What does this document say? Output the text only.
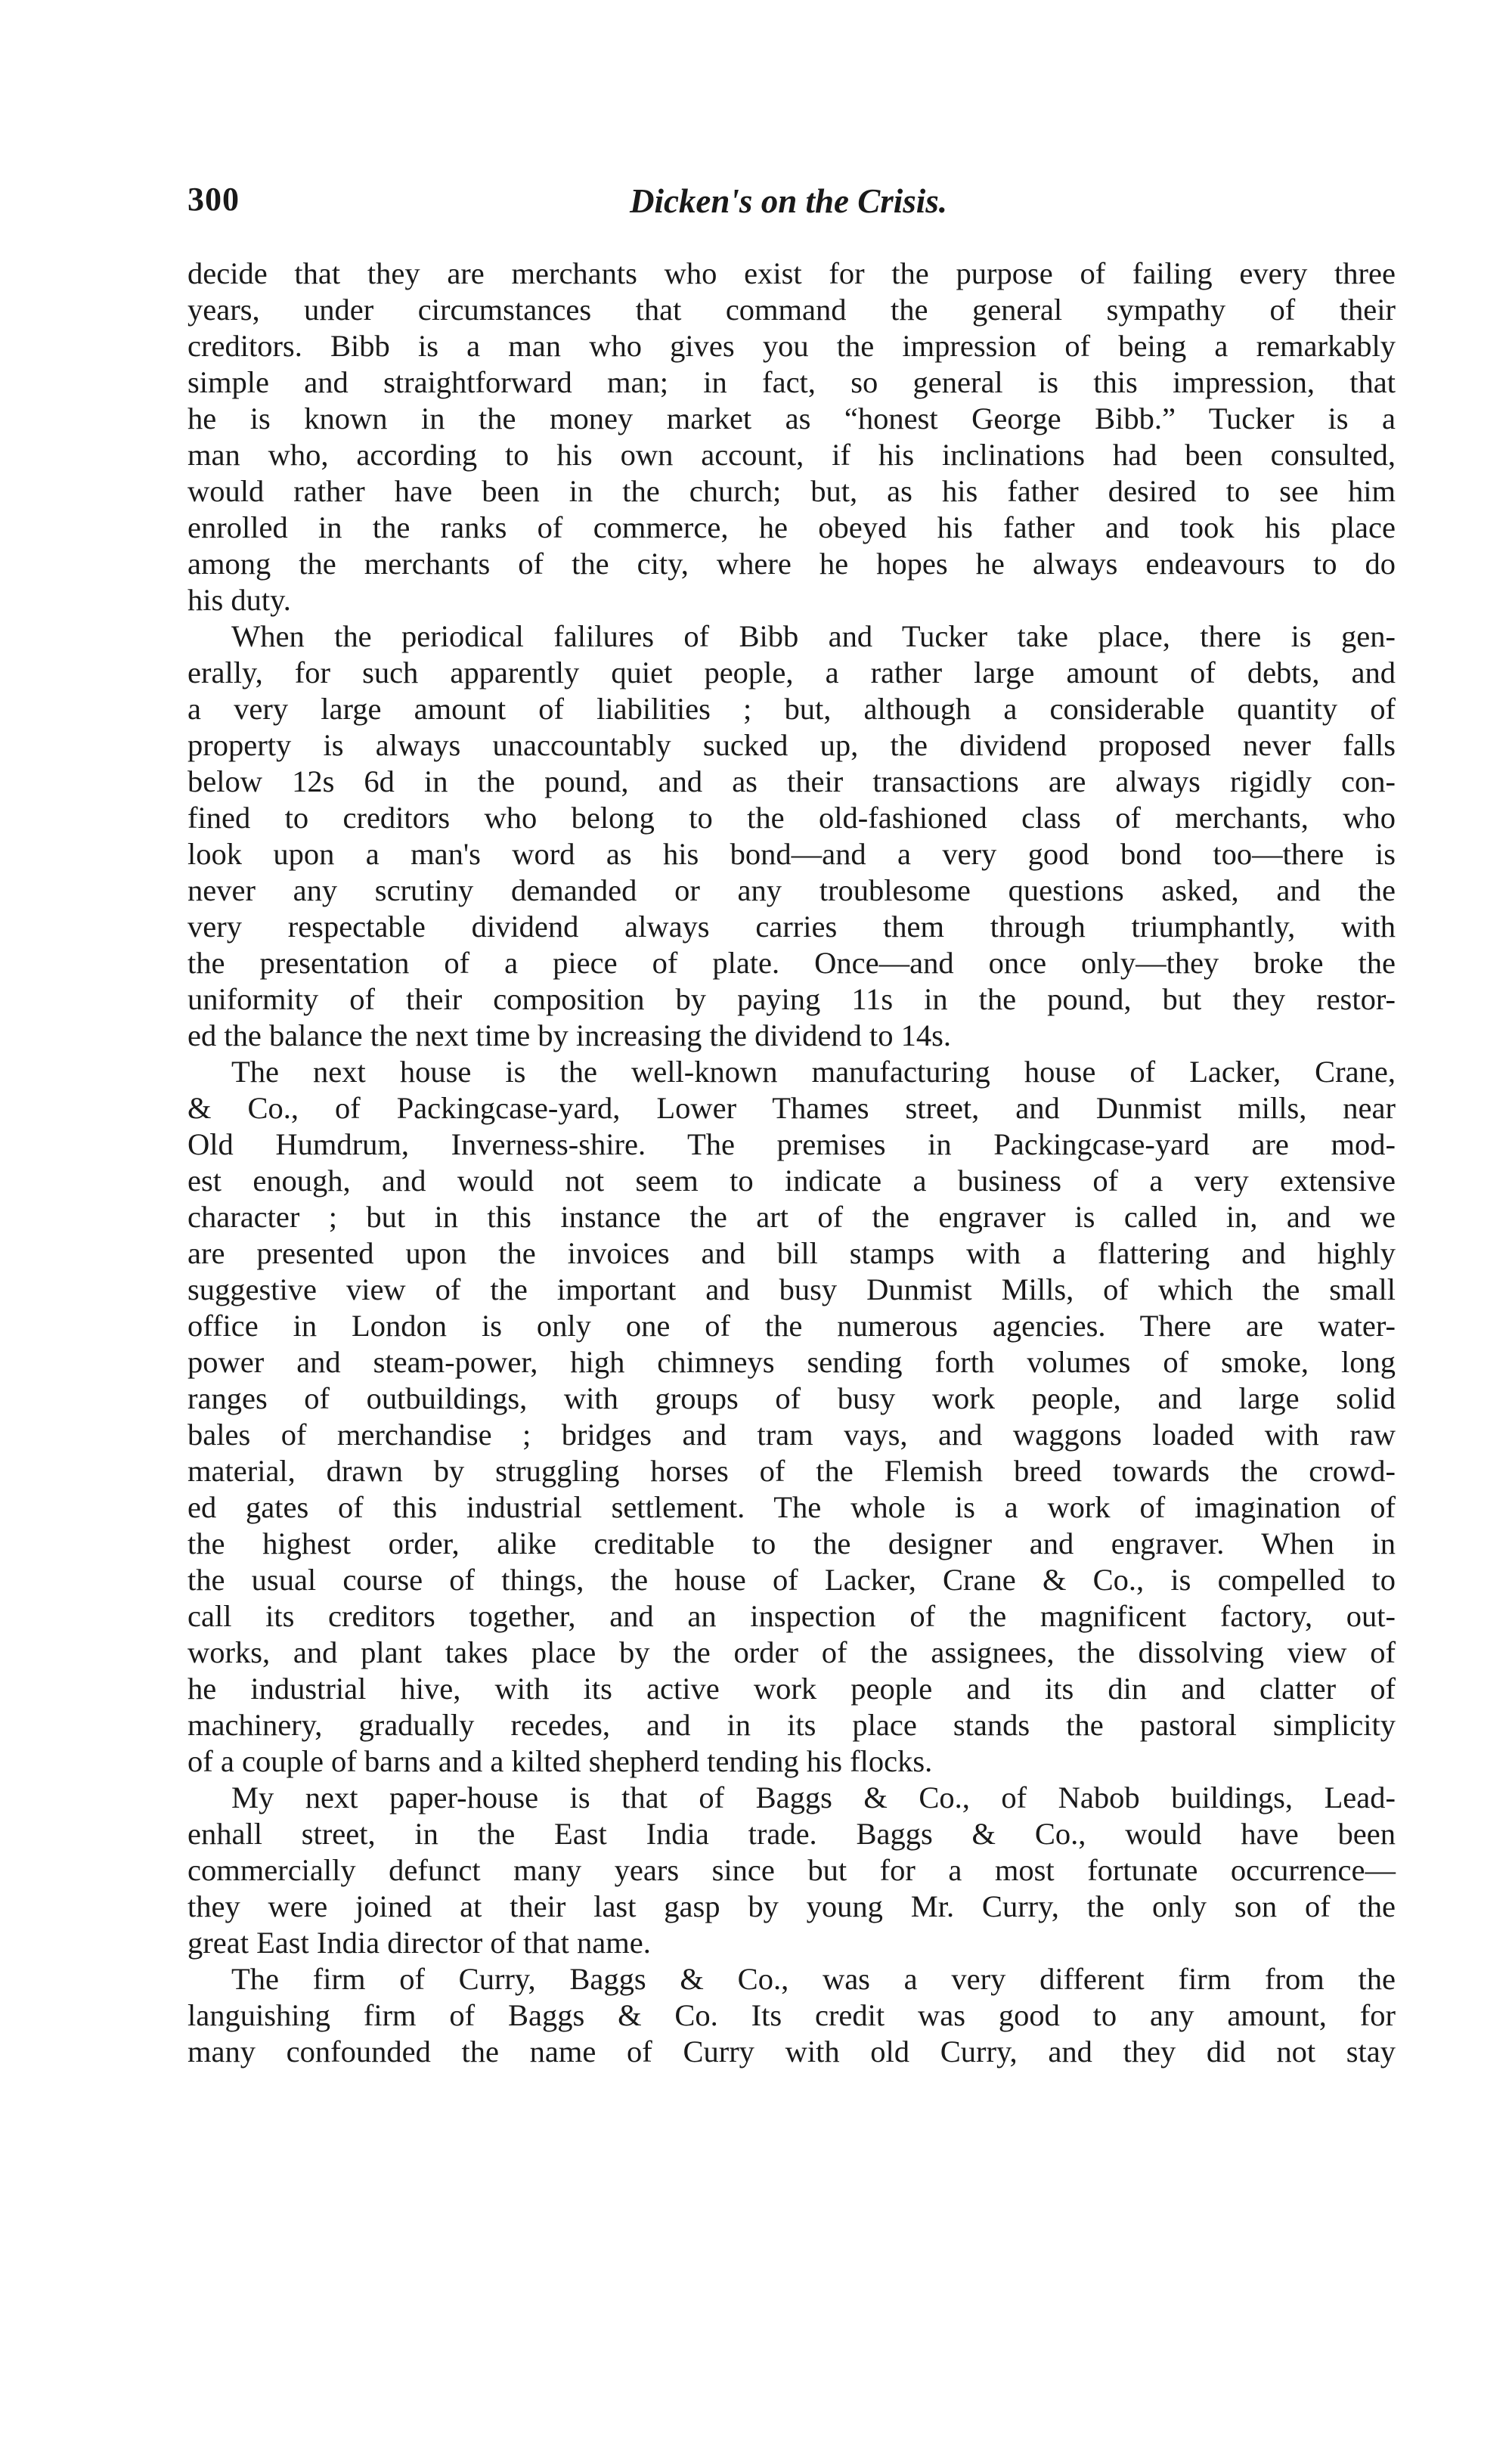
300	Dicken's on the Crisis.
decide that they are merchants who exist for the purpose of failing every three
years, under circumstances that command the general sympathy of their
creditors. Bibb is a man who gives you the impression of being a remarkably
simple and straightforward man; in fact, so general is this impression, that
he is known in the money market as “honest George Bibb.” Tucker is a
man who, according to his own account, if his inclinations had been consulted,
would rather have been in the church; but, as his father desired to see him
enrolled in the ranks of commerce, he obeyed his father and took his place
among the merchants of the city, where he hopes he always endeavours to do
his duty.
When the periodical falilures of Bibb and Tucker take place, there is gen-
erally, for such apparently quiet people, a rather large amount of debts, and
a very large amount of liabilities ; but, although a considerable quantity of
property is always unaccountably sucked up, the dividend proposed never falls
below 12s 6d in the pound, and as their transactions are always rigidly con-
fined to creditors who belong to the old-fashioned class of merchants, who
look upon a man's word as his bond—and a very good bond too—there is
never any scrutiny demanded or any troublesome questions asked, and the
very respectable dividend always carries them through triumphantly, with
the presentation of a piece of plate. Once—and once only—they broke the
uniformity of their composition by paying 11s in the pound, but they restor-
ed the balance the next time by increasing the dividend to 14s.
The next house is the well-known manufacturing house of Lacker, Crane,
& Co., of Packingcase-yard, Lower Thames street, and Dunmist mills, near
Old Humdrum, Inverness-shire. The premises in Packingcase-yard are mod-
est enough, and would not seem to indicate a business of a very extensive
character ; but in this instance the art of the engraver is called in, and we
are presented upon the invoices and bill stamps with a flattering and highly
suggestive view of the important and busy Dunmist Mills, of which the small
office in London is only one of the numerous agencies. There are water-
power and steam-power, high chimneys sending forth volumes of smoke, long
ranges of outbuildings, with groups of busy work people, and large solid
bales of merchandise ; bridges and tram vays, and waggons loaded with raw
material, drawn by struggling horses of the Flemish breed towards the crowd-
ed gates of this industrial settlement. The whole is a work of imagination of
the highest order, alike creditable to the designer and engraver. When in
the usual course of things, the house of Lacker, Crane & Co., is compelled to
call its creditors together, and an inspection of the magnificent factory, out-
works, and plant takes place by the order of the assignees, the dissolving view of
he industrial hive, with its active work people and its din and clatter of
machinery, gradually recedes, and in its place stands the pastoral simplicity
of a couple of barns and a kilted shepherd tending his flocks.
My next paper-house is that of Baggs & Co., of Nabob buildings, Lead-
enhall street, in the East India trade. Baggs & Co., would have been
commercially defunct many years since but for a most fortunate occurrence—
they were joined at their last gasp by young Mr. Curry, the only son of the
great East India director of that name.
The firm of Curry, Baggs & Co., was a very different firm from the
languishing firm of Baggs & Co. Its credit was good to any amount, for
many confounded the name of Curry with old Curry, and they did not stay
